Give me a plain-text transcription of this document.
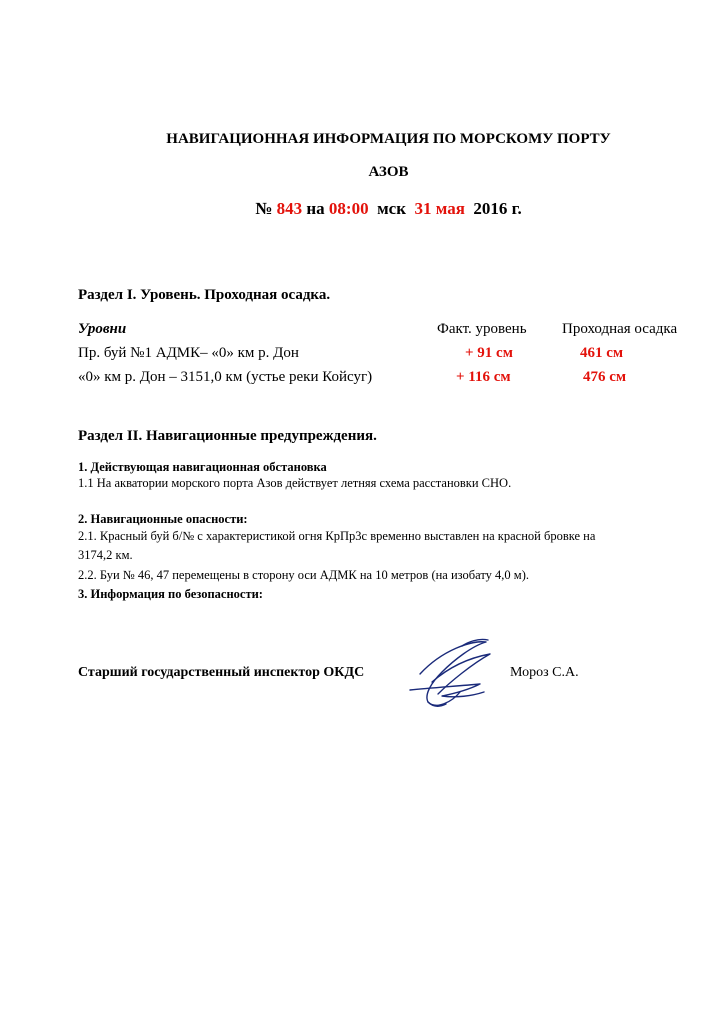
НАВИГАЦИОННАЯ ИНФОРМАЦИЯ ПО МОРСКОМУ ПОРТУ
АЗОВ
№ 843 на 08:00 мск 31 мая 2016 г.
Раздел I. Уровень. Проходная осадка.
Уровни	Факт. уровень Проходная осадка
Пр. буй №1 АДМК– «0» км р. Дон	+ 91 см	461 см
«0» км р. Дон – 3151,0 км (устье реки Койсуг)	+ 116 см	476 см
Раздел II. Навигационные предупреждения.
1. Действующая навигационная обстановка
1.1 На акватории морского порта Азов действует летняя схема расстановки СНО.
2. Навигационные опасности:
2.1. Красный буй б/№ с характеристикой огня КрПр3с временно выставлен на красной бровке на
3174,2 км.
2.2. Буи № 46, 47 перемещены в сторону оси АДМК на 10 метров (на изобату 4,0 м).
3. Информация по безопасности:
Старший государственный инспектор ОКДС	Мороз С.А.
